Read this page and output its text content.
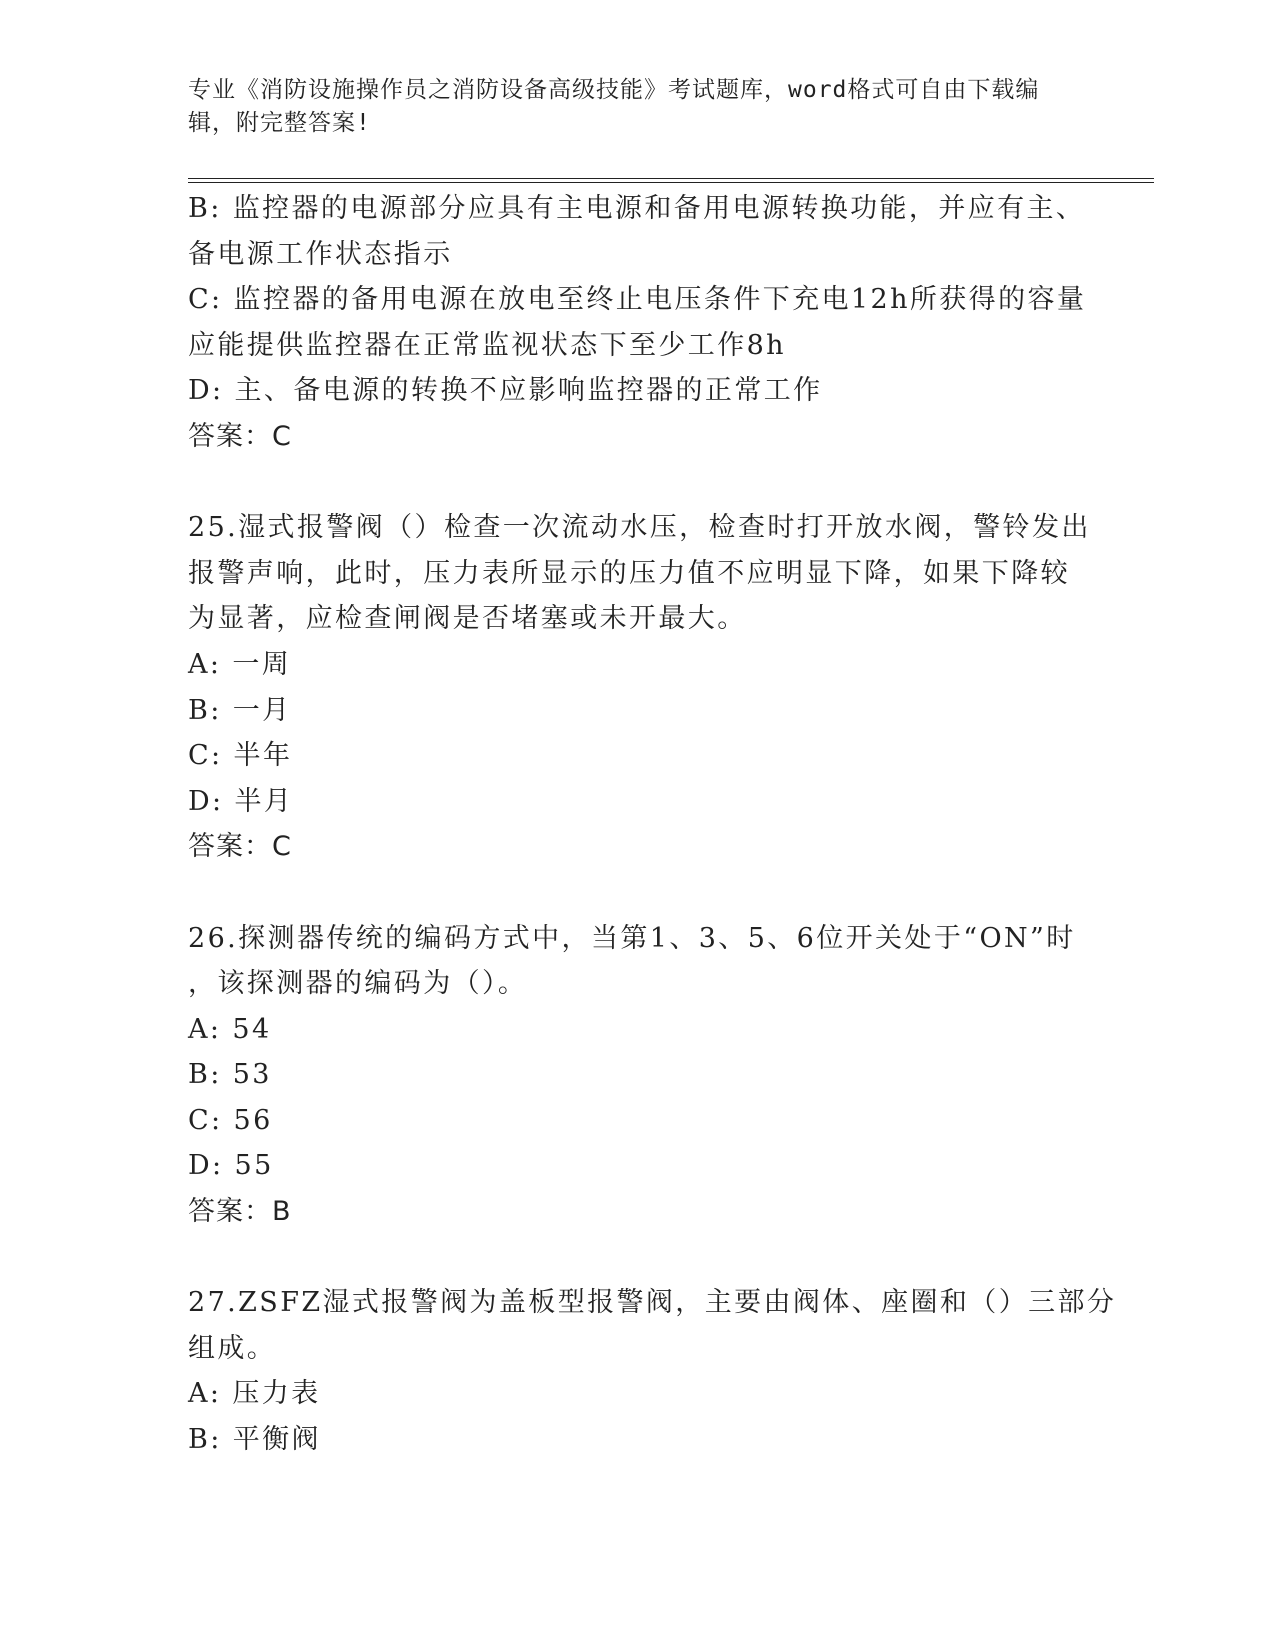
专业《消防设施操作员之消防设备高级技能》考试题库，word格式可自由下载编
辑，附完整答案!
B: 监控器的电源部分应具有主电源和备用电源转换功能，并应有主、
备电源工作状态指示
C: 监控器的备用电源在放电至终止电压条件下充电12h所获得的容量
应能提供监控器在正常监视状态下至少工作8h
D: 主、备电源的转换不应影响监控器的正常工作
答案：C
25.湿式报警阀（）检查一次流动水压，检查时打开放水阀，警铃发出
报警声响，此时，压力表所显示的压力值不应明显下降，如果下降较
为显著，应检查闸阀是否堵塞或未开最大。
A: 一周
B: 一月
C: 半年
D: 半月
答案：C
26.探测器传统的编码方式中，当第1、3、5、6位开关处于“ON”时
，该探测器的编码为（）。
A: 54
B: 53
C: 56
D: 55
答案：B
27.ZSFZ湿式报警阀为盖板型报警阀，主要由阀体、座圈和（）三部分
组成。
A: 压力表
B: 平衡阀
